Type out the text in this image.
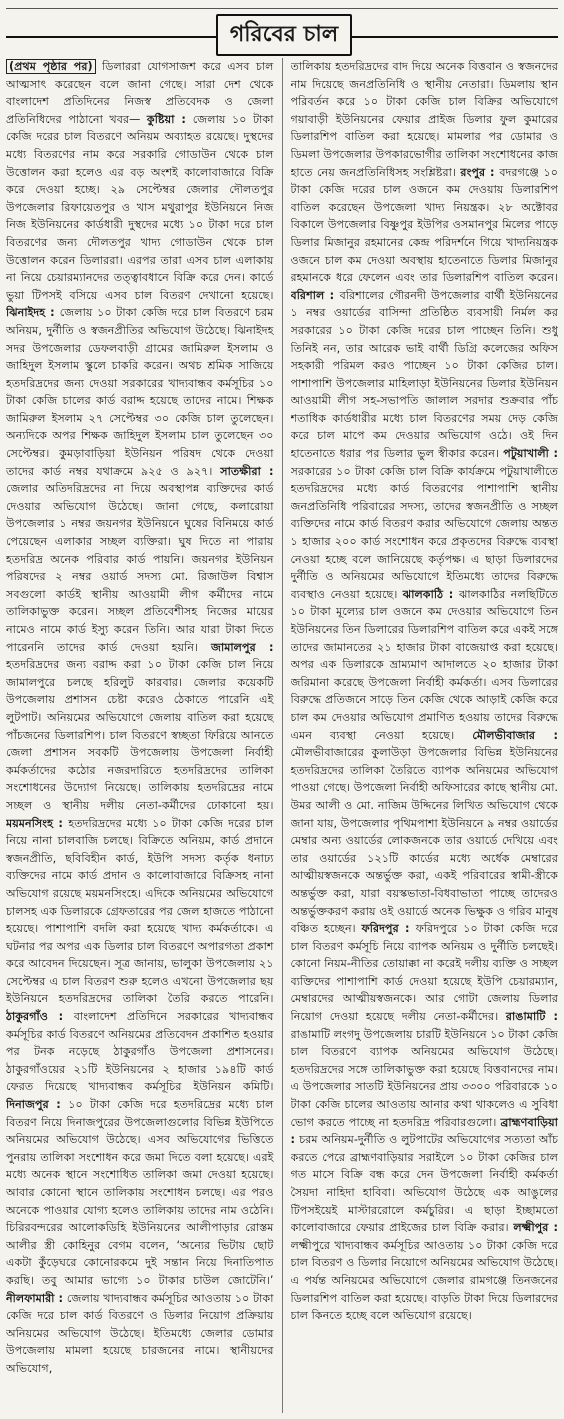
গরিবের চাল

(প্রথম পৃষ্ঠার পর) ডিলাররা যোগসাজশ করে এসব চাল আত্মসাৎ করেছেন বলে জানা গেছে। সারা দেশ থেকে বাংলাদেশ প্রতিদিনের নিজস্ব প্রতিবেদক ও জেলা প্রতিনিধিদের পাঠানো খবর— কুষ্টিয়া : জেলায় ১০ টাকা কেজি দরের চাল বিতরণে অনিয়ম অব্যাহত রয়েছে। দুস্থদের মধ্যে বিতরণের নাম করে সরকারি গোডাউন থেকে চাল উত্তোলন করা হলেও এর বড় অংশই কালোবাজারে বিক্রি করে দেওয়া হচ্ছে। ২৯ সেপ্টেম্বর জেলার দৌলতপুর উপজেলার রিফায়েতপুর ও খাস মথুরাপুর ইউনিয়নে নিজ নিজ ইউনিয়নের কার্ডধারী দুস্থদের মধ্যে ১০ টাকা দরে চাল বিতরণের জন্য দৌলতপুর খাদ্য গোডাউন থেকে চাল উত্তোলন করেন ডিলাররা। এরপর তারা এসব চাল এলাকায় না নিয়ে চেয়ারম্যানদের তত্ত্বাবধানে বিক্রি করে দেন। কার্ডে ভুয়া টিপসই বসিয়ে এসব চাল বিতরণ দেখানো হয়েছে। ঝিনাইদহ : জেলায় ১০ টাকা কেজি দরে চাল বিতরণে চরম অনিয়ম, দুর্নীতি ও স্বজনপ্রীতির অভিযোগ উঠেছে। ঝিনাইদহ সদর উপজেলার ডেফলবাড়ী গ্রামের জামিরুল ইসলাম ও জাহিদুল ইসলাম স্কুলে চাকরি করেন। অথচ শ্রমিক সাজিয়ে হতদরিদ্রদের জন্য দেওয়া সরকারের খাদ্যবান্ধব কর্মসূচির ১০ টাকা কেজি চালের কার্ড বরাদ্দ হয়েছে তাদের নামে। শিক্ষক জামিরুল ইসলাম ২৭ সেপ্টেম্বর ৩০ কেজি চাল তুলেছেন। অন্যদিকে অপর শিক্ষক জাহিদুল ইসলাম চাল তুলেছেন ৩০ সেপ্টেম্বর। কুমড়াবাড়িয়া ইউনিয়ন পরিষদ থেকে দেওয়া তাদের কার্ড নম্বর যথাক্রমে ৯২৫ ও ৯২৭। সাতক্ষীরা : জেলার অতিদরিদ্রদের না দিয়ে অবস্থাপন্ন ব্যক্তিদের কার্ড দেওয়ার অভিযোগ উঠেছে। জানা গেছে, কলারোয়া উপজেলার ১ নম্বর জয়নগর ইউনিয়নে ঘুষের বিনিময়ে কার্ড পেয়েছেন এলাকার সচ্ছল ব্যক্তিরা। ঘুষ দিতে না পারায় হতদরিদ্র অনেক পরিবার কার্ড পায়নি। জয়নগর ইউনিয়ন পরিষদের ২ নম্বর ওয়ার্ড সদস্য মো. রিজাউল বিশ্বাস সবগুলো কার্ডই স্থানীয় আওয়ামী লীগ কর্মীদের নামে তালিকাভুক্ত করেন। সচ্ছল প্রতিবেশীসহ নিজের মায়ের নামেও নামে কার্ড ইস্যু করেন তিনি। আর যারা টাকা দিতে পারেননি তাদের কার্ড দেওয়া হয়নি। জামালপুর : হতদরিদ্রদের জন্য বরাদ্দ করা ১০ টাকা কেজি চাল নিয়ে জামালপুরে চলছে হরিলুট কারবার। জেলার কয়েকটি উপজেলায় প্রশাসন চেষ্টা করেও ঠেকাতে পারেনি এই লুটপাট। অনিয়মের অভিযোগে জেলায় বাতিল করা হয়েছে পাঁচজনের ডিলারশিপ। চাল বিতরণে স্বচ্ছতা ফিরিয়ে আনতে জেলা প্রশাসন সবকটি উপজেলায় উপজেলা নির্বাহী কর্মকর্তাদের কঠোর নজরদারিতে হতদরিদ্রদের তালিকা সংশোধনের উদ্যোগ নিয়েছে। তালিকায় হতদরিদ্রের নামে সচ্ছল ও স্থানীয় দলীয় নেতা-কর্মীদের ঢোকানো হয়। ময়মনসিংহ : হতদরিদ্রদের মধ্যে ১০ টাকা কেজি দরের চাল নিয়ে নানা চালবাজি চলছে। বিক্রিতে অনিয়ম, কার্ড প্রদানে স্বজনপ্রীতি, ছবিবিহীন কার্ড, ইউপি সদস্য কর্তৃক ধনাঢ্য ব্যক্তিদের নামে কার্ড প্রদান ও কালোবাজারে বিক্রিসহ নানা অভিযোগ রয়েছে ময়মনসিংহে। এদিকে অনিয়মের অভিযোগে চালসহ এক ডিলারকে গ্রেফতারের পর জেল হাজতে পাঠানো হয়েছে। পাশাপাশি বদলি করা হয়েছে খাদ্য কর্মকর্তাকে। এ ঘটনার পর অপর এক ডিলার চাল বিতরণে অপারগতা প্রকাশ করে আবেদন দিয়েছেন। সূত্র জানায়, ভালুকা উপজেলায় ২১ সেপ্টেম্বর এ চাল বিতরণ শুরু হলেও এখনো উপজেলার ছয় ইউনিয়নে হতদরিদ্রদের তালিকা তৈরি করতে পারেনি। ঠাকুরগাঁও : বাংলাদেশ প্রতিদিনে সরকারের খাদ্যবান্ধব কর্মসূচির কার্ড বিতরণে অনিয়মের প্রতিবেদন প্রকাশিত হওয়ার পর টনক নড়েছে ঠাকুরগাঁও উপজেলা প্রশাসনের। ঠাকুরগাঁওয়ের ২১টি ইউনিয়নের ২ হাজার ১৯৪টি কার্ড ফেরত দিয়েছে খাদ্যবান্ধব কর্মসূচির ইউনিয়ন কমিটি। দিনাজপুর : ১০ টাকা কেজি দরে হতদরিদ্রের মধ্যে চাল বিতরণ নিয়ে দিনাজপুরের উপজেলাগুলোর বিভিন্ন ইউপিতে অনিয়মের অভিযোগ উঠেছে। এসব অভিযোগের ভিত্তিতে পুনরায় তালিকা সংশোধন করে জমা দিতে বলা হয়েছে। এরই মধ্যে অনেক স্থানে সংশোধিত তালিকা জমা দেওয়া হয়েছে। আবার কোনো স্থানে তালিকায় সংশোধন চলছে। এর পরও অনেকে পাওয়ার যোগ্য হলেও তালিকায় তাদের নাম ওঠেনি। চিরিরবন্দরের আলোকডিহি ইউনিয়নের আলীপাড়ার রোস্তম আলীর স্ত্রী কোহিনুর বেগম বলেন, ‘অন্যের ভিটায় ছোট একটা কুঁড়েঘরে কোনোরকমে দুই সন্তান নিয়ে দিনাতিপাত করছি। তবু আমার ভাগ্যে ১০ টাকার চাউল জোটেনি।’ নীলফামারী : জেলায় খাদ্যবান্ধব কর্মসূচির আওতায় ১০ টাকা কেজি দরে চাল কার্ড বিতরণে ও ডিলার নিয়োগ প্রক্রিয়ায় অনিয়মের অভিযোগ উঠেছে। ইতিমধ্যে জেলার ডোমার উপজেলায় মামলা হয়েছে চারজনের নামে। স্থানীয়দের অভিযোগ,

তালিকায় হতদরিদ্রদের বাদ দিয়ে অনেক বিত্তবান ও স্বজনদের নাম দিয়েছে জনপ্রতিনিধি ও স্থানীয় নেতারা। ডিমলায় স্থান পরিবর্তন করে ১০ টাকা কেজি চাল বিক্রির অভিযোগে গয়াবাড়ী ইউনিয়নের ফেয়ার প্রাইজ ডিলার ফুল কুমারের ডিলারশিপ বাতিল করা হয়েছে। মামলার পর ডোমার ও ডিমলা উপজেলার উপকারভোগীর তালিকা সংশোধনের কাজ হাতে নেয় জনপ্রতিনিধিসহ সংশ্লিষ্টরা। রংপুর : বদরগঞ্জে ১০ টাকা কেজি দরের চাল ওজনে কম দেওয়ায় ডিলারশিপ বাতিল করেছেন উপজেলা খাদ্য নিয়ন্ত্রক। ২৮ অক্টোবর বিকালে উপজেলার বিষ্ণুপুর ইউপির ওসমানপুর মিলের পাড়ে ডিলার মিজানুর রহমানের কেন্দ্র পরিদর্শনে গিয়ে খাদ্যনিয়ন্ত্রক ওজনে চাল কম দেওয়া অবস্থায় হাতেনাতে ডিলার মিজানুর রহমানকে ধরে ফেলেন এবং তার ডিলারশিপ বাতিল করেন। বরিশাল : বরিশালের গৌরনদী উপজেলার বার্থী ইউনিয়নের ১ নম্বর ওয়ার্ডের বাসিন্দা প্রতিষ্ঠিত ব্যবসায়ী নির্মল কর সরকারের ১০ টাকা কেজি দরের চাল পাচ্ছেন তিনি। শুধু তিনিই নন, তার আরেক ভাই বার্থী ডিগ্রি কলেজের অফিস সহকারী পরিমল করও পাচ্ছেন ১০ টাকা কেজির চাল। পাশাপাশি উপজেলার মাহিলাড়া ইউনিয়নের ডিলার ইউনিয়ন আওয়ামী লীগ সহ-সভাপতি জালাল সরদার শুক্রবার পাঁচ শতাধিক কার্ডধারীর মধ্যে চাল বিতরণের সময় দেড় কেজি করে চাল মাপে কম দেওয়ার অভিযোগ ওঠে। ওই দিন হাতেনাতে ধরার পর ডিলার ভুল স্বীকার করেন। পটুয়াখালী : সরকারের ১০ টাকা কেজি চাল বিক্রি কার্যক্রমে পটুয়াখালীতে হতদরিদ্রদের মধ্যে কার্ড বিতরণের পাশাপাশি স্থানীয় জনপ্রতিনিধি পরিবারের সদস্য, তাদের স্বজনপ্রীতি ও সচ্ছল ব্যক্তিদের নামে কার্ড বিতরণ করার অভিযোগে জেলায় অন্তত ১ হাজার ২০০ কার্ড সংশোধন করে প্রকৃতদের বিরুদ্ধে ব্যবস্থা নেওয়া হচ্ছে বলে জানিয়েছে কর্তৃপক্ষ। এ ছাড়া ডিলারদের দুর্নীতি ও অনিয়মের অভিযোগে ইতিমধ্যে তাদের বিরুদ্ধে ব্যবস্থাও নেওয়া হয়েছে। ঝালকাঠি : ঝালকাঠির নলছিটিতে ১০ টাকা মূল্যের চাল ওজনে কম দেওয়ার অভিযোগে তিন ইউনিয়নের তিন ডিলারের ডিলারশিপ বাতিল করে একই সঙ্গে তাদের জামানতের ২১ হাজার টাকা বাজেয়াপ্ত করা হয়েছে। অপর এক ডিলারকে ভ্রাম্যমাণ আদালতে ২০ হাজার টাকা জরিমানা করেছে উপজেলা নির্বাহী কর্মকর্তা। এসব ডিলারের বিরুদ্ধে প্রতিজনে সাড়ে তিন কেজি থেকে আড়াই কেজি করে চাল কম দেওয়ার অভিযোগ প্রমাণিত হওয়ায় তাদের বিরুদ্ধে এমন ব্যবস্থা নেওয়া হয়েছে। মৌলভীবাজার : মৌলভীবাজারের কুলাউড়া উপজেলার বিভিন্ন ইউনিয়নের হতদরিদ্রদের তালিকা তৈরিতে ব্যাপক অনিয়মের অভিযোগ পাওয়া গেছে। উপজেলা নির্বাহী অফিসারের কাছে স্থানীয় মো. উমর আলী ও মো. নাজিম উদ্দিনের লিখিত অভিযোগ থেকে জানা যায়, উপজেলার পৃথিমপাশা ইউনিয়নে ৯ নম্বর ওয়ার্ডের মেম্বার অন্য ওয়ার্ডের লোকজনকে তার ওয়ার্ডে দেখিয়ে এবং তার ওয়ার্ডের ১২১টি কার্ডের মধ্যে অর্ধেক মেম্বারের আত্মীয়স্বজনকে অন্তর্ভুক্ত করা, একই পরিবারের স্বামী-স্ত্রীকে অন্তর্ভুক্ত করা, যারা বয়স্কভাতা-বিধবাভাতা পাচ্ছে তাদেরও অন্তর্ভুক্তকরণ করায় ওই ওয়ার্ডে অনেক ভিক্ষুক ও গরিব মানুষ বঞ্চিত হচ্ছেন। ফরিদপুর : ফরিদপুরে ১০ টাকা কেজি দরে চাল বিতরণ কর্মসূচি নিয়ে ব্যাপক অনিয়ম ও দুর্নীতি চলছেই। কোনো নিয়ম-নীতির তোয়াক্কা না করেই দলীয় ব্যক্তি ও সচ্ছল ব্যক্তিদের পাশাপাশি কার্ড দেওয়া হয়েছে ইউপি চেয়ারম্যান, মেম্বারদের আত্মীয়স্বজনকে। আর গোটা জেলায় ডিলার নিয়োগ দেওয়া হয়েছে দলীয় নেতা-কর্মীদের। রাঙামাটি : রাঙামাটি লংগদু উপজেলায় চারটি ইউনিয়নে ১০ টাকা কেজি চাল বিতরণে ব্যাপক অনিয়মের অভিযোগ উঠেছে। হতদরিদ্রদের সঙ্গে তালিকাভুক্ত করা হয়েছে বিত্তবানদের নাম। এ উপজেলার সাতটি ইউনিয়নের প্রায় ৩৩০০ পরিবারকে ১০ টাকা কেজি চালের আওতায় আনার কথা থাকলেও এ সুবিধা ভোগ করতে পাচ্ছে না হতদরিদ্র পরিবারগুলো। ব্রাহ্মণবাড়িয়া : চরম অনিয়ম-দুর্নীতি ও লুটপাটের অভিযোগের সত্যতা আঁচ করতে পেরে ব্রাহ্মণবাড়িয়ার সরাইলে ১০ টাকা কেজির চাল গত মাসে বিক্রি বন্ধ করে দেন উপজেলা নির্বাহী কর্মকর্তা সৈয়দা নাহিদা হাবিবা। অভিযোগ উঠেছে এক আঙুলের টিপসইয়েই মাস্টাররোলে কর্মচুরির। এ ছাড়া ইচ্ছামতো কালোবাজারে ফেয়ার প্রাইজের চাল বিক্রি করার। লক্ষ্মীপুর : লক্ষ্মীপুরে খাদ্যবান্ধব কর্মসূচির আওতায় ১০ টাকা কেজি দরে চাল বিতরণ ও ডিলার নিয়োগে অনিয়মের অভিযোগ উঠেছে। এ পর্যন্ত অনিয়মের অভিযোগে জেলার রামগঞ্জে তিনজনের ডিলারশিপ বাতিল করা হয়েছে। বাড়তি টাকা দিয়ে ডিলারদের চাল কিনতে হচ্ছে বলে অভিযোগ রয়েছে।
